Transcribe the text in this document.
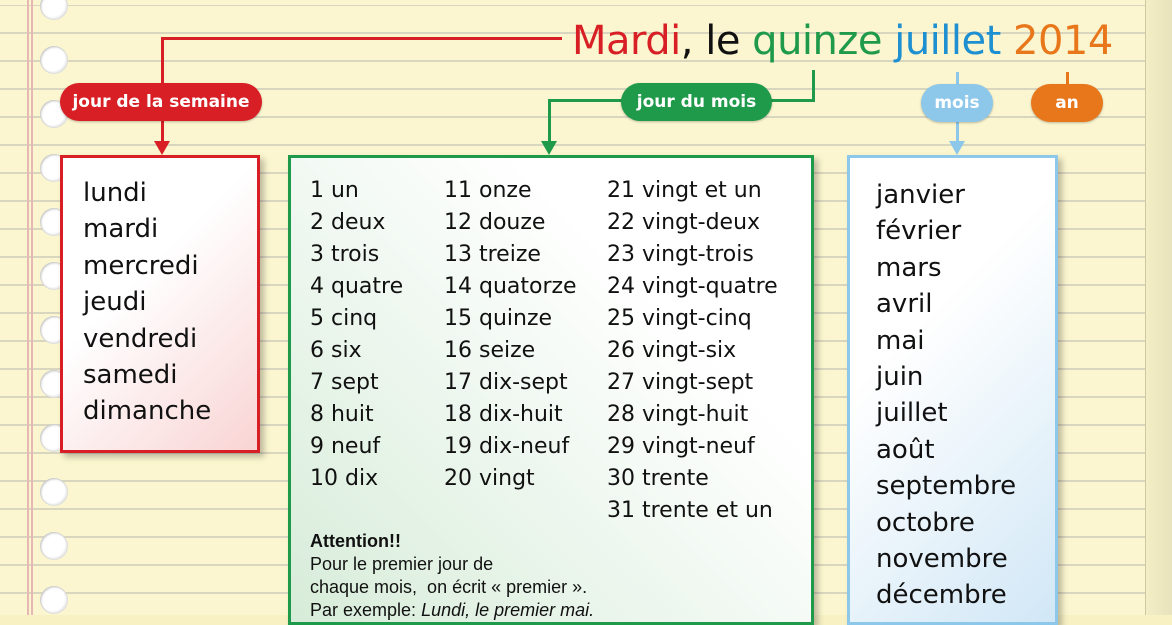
Mardi, le quinze juillet 2014
jour de la semaine	jour du mois	mois	an
lundi
mardi
mercredi
jeudi
vendredi
samedi
dimanche
1 un
2 deux
3 trois
4 quatre
5 cinq
6 six
7 sept
8 huit
9 neuf
10 dix
11 onze
12 douze
13 treize
14 quatorze
15 quinze
16 seize
17 dix-sept
18 dix-huit
19 dix-neuf
20 vingt
21 vingt et un
22 vingt-deux
23 vingt-trois
24 vingt-quatre
25 vingt-cinq
26 vingt-six
27 vingt-sept
28 vingt-huit
29 vingt-neuf
30 trente
31 trente et un
Attention!!
Pour le premier jour de
chaque mois,  on écrit « premier ».
Par exemple: Lundi, le premier mai.
janvier
février
mars
avril
mai
juin
juillet
août
septembre
octobre
novembre
décembre
